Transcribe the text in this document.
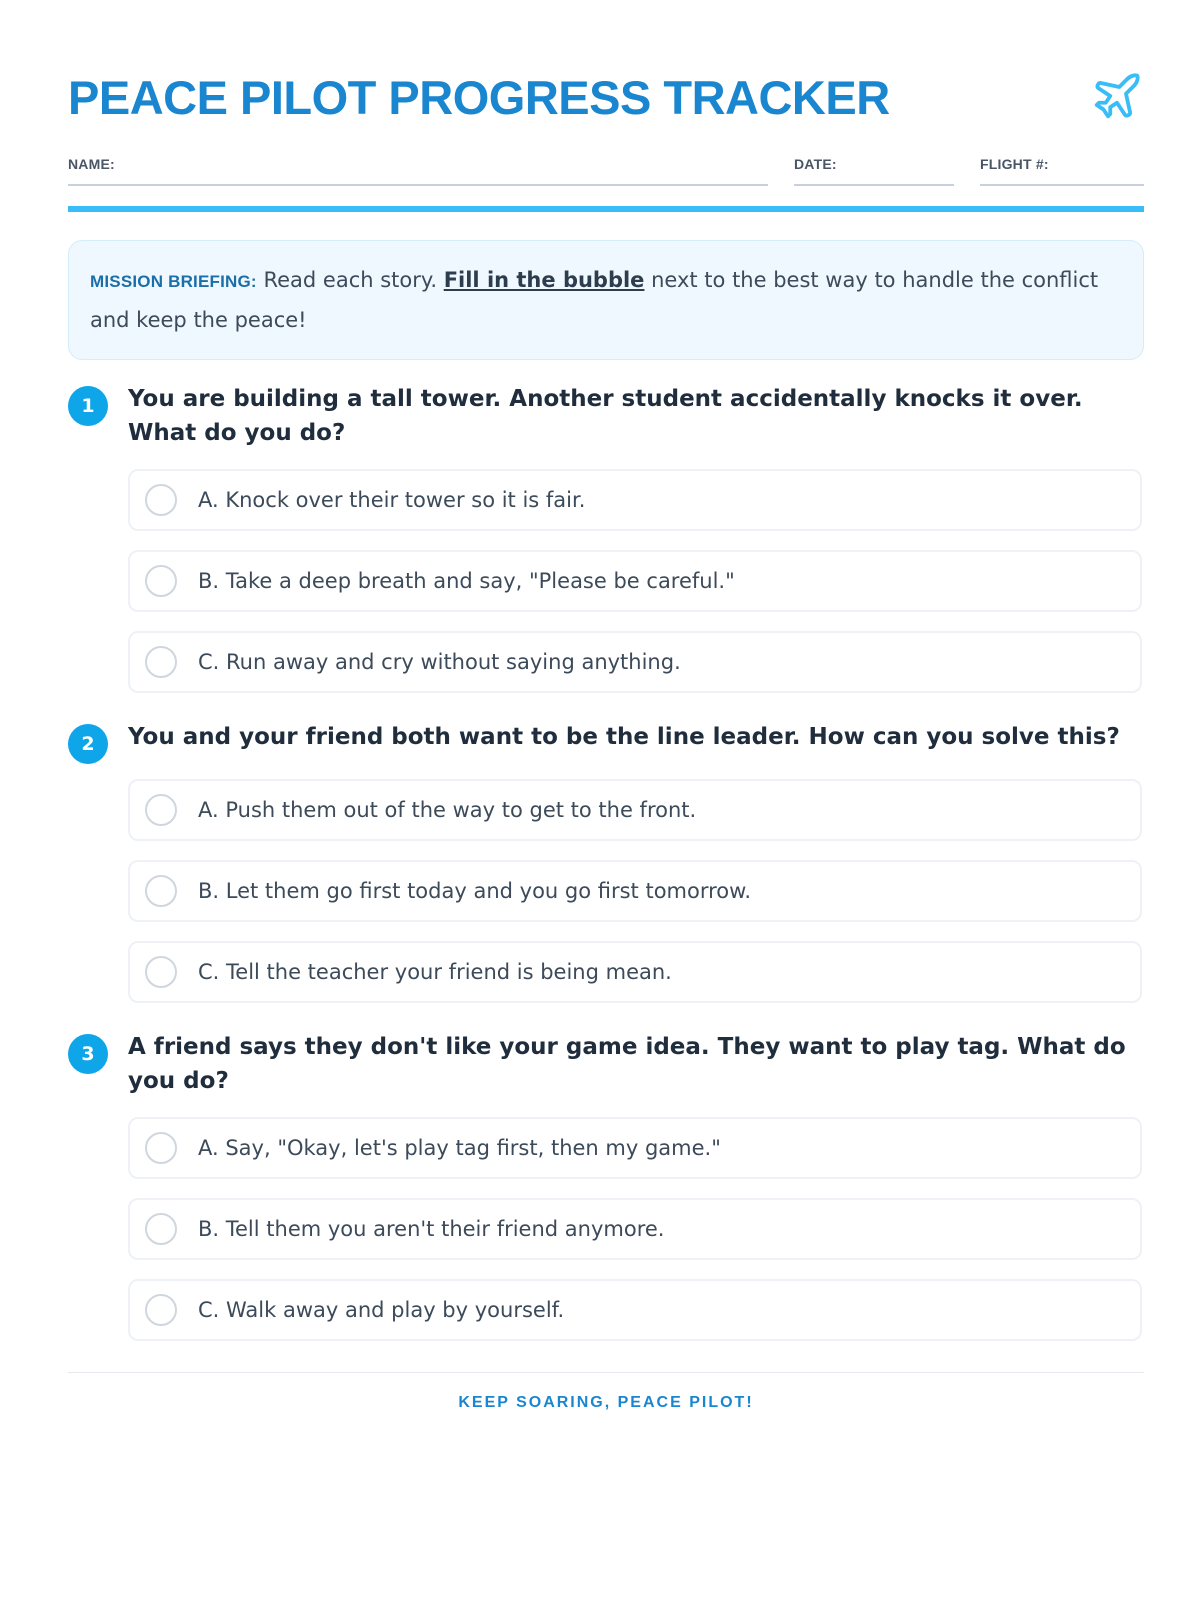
PEACE PILOT PROGRESS TRACKER
NAME:	DATE:	FLIGHT #:
MISSION BRIEFING: Read each story. Fill in the bubble next to the best way to handle the conflict and keep the peace!
1	You are building a tall tower. Another student accidentally knocks it over. What do you do?

A. Knock over their tower so it is fair.
B. Take a deep breath and say, "Please be careful."
C. Run away and cry without saying anything.
2	You and your friend both want to be the line leader. How can you solve this?

A. Push them out of the way to get to the front.
B. Let them go first today and you go first tomorrow.
C. Tell the teacher your friend is being mean.
3	A friend says they don't like your game idea. They want to play tag. What do you do?

A. Say, "Okay, let's play tag first, then my game."
B. Tell them you aren't their friend anymore.
C. Walk away and play by yourself.
KEEP SOARING, PEACE PILOT!
